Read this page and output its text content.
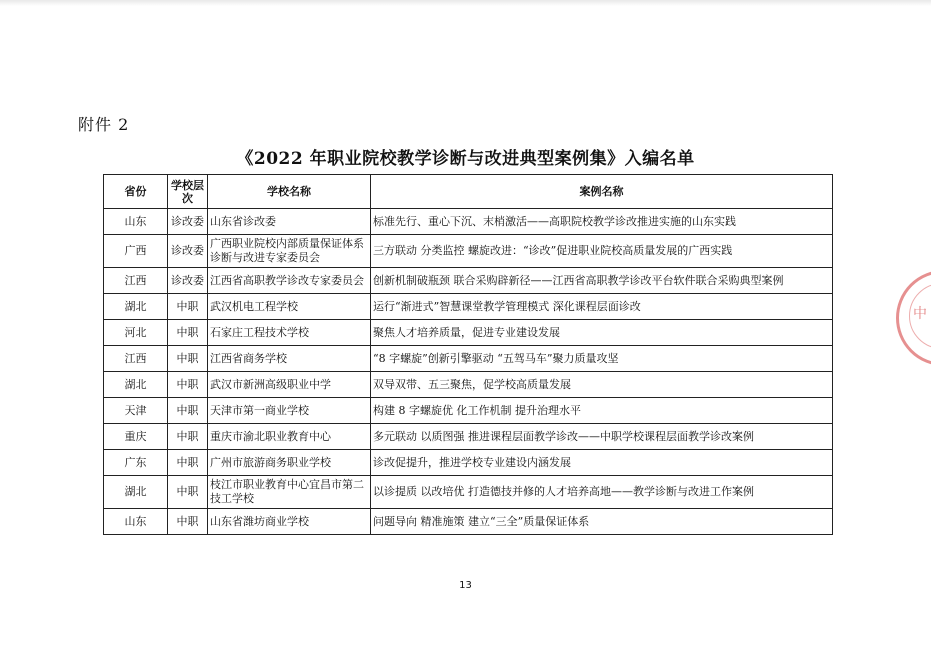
附件 2
《2022 年职业院校教学诊断与改进典型案例集》入编名单
省份	学校层次	学校名称	案例名称
山东	诊改委	山东省诊改委	标准先行、重心下沉、末梢激活——高职院校教学诊改推进实施的山东实践
广西	诊改委	广西职业院校内部质量保证体系诊断与改进专家委员会	三方联动 分类监控 螺旋改进：“诊改”促进职业院校高质量发展的广西实践
江西	诊改委	江西省高职教学诊改专家委员会	创新机制破瓶颈 联合采购辟新径——江西省高职教学诊改平台软件联合采购典型案例
湖北	中职	武汉机电工程学校	运行“渐进式”智慧课堂教学管理模式 深化课程层面诊改
河北	中职	石家庄工程技术学校	聚焦人才培养质量，促进专业建设发展
江西	中职	江西省商务学校	“8 字螺旋”创新引擎驱动 “五驾马车”聚力质量攻坚
湖北	中职	武汉市新洲高级职业中学	双导双带、五三聚焦，促学校高质量发展
天津	中职	天津市第一商业学校	构建 8 字螺旋优 化工作机制 提升治理水平
重庆	中职	重庆市渝北职业教育中心	多元联动 以质图强 推进课程层面教学诊改——中职学校课程层面教学诊改案例
广东	中职	广州市旅游商务职业学校	诊改促提升，推进学校专业建设内涵发展
湖北	中职	枝江市职业教育中心宜昌市第二技工学校	以诊提质 以改培优 打造德技并修的人才培养高地——教学诊断与改进工作案例
山东	中职	山东省潍坊商业学校	问题导向 精准施策 建立“三全”质量保证体系
13
中
